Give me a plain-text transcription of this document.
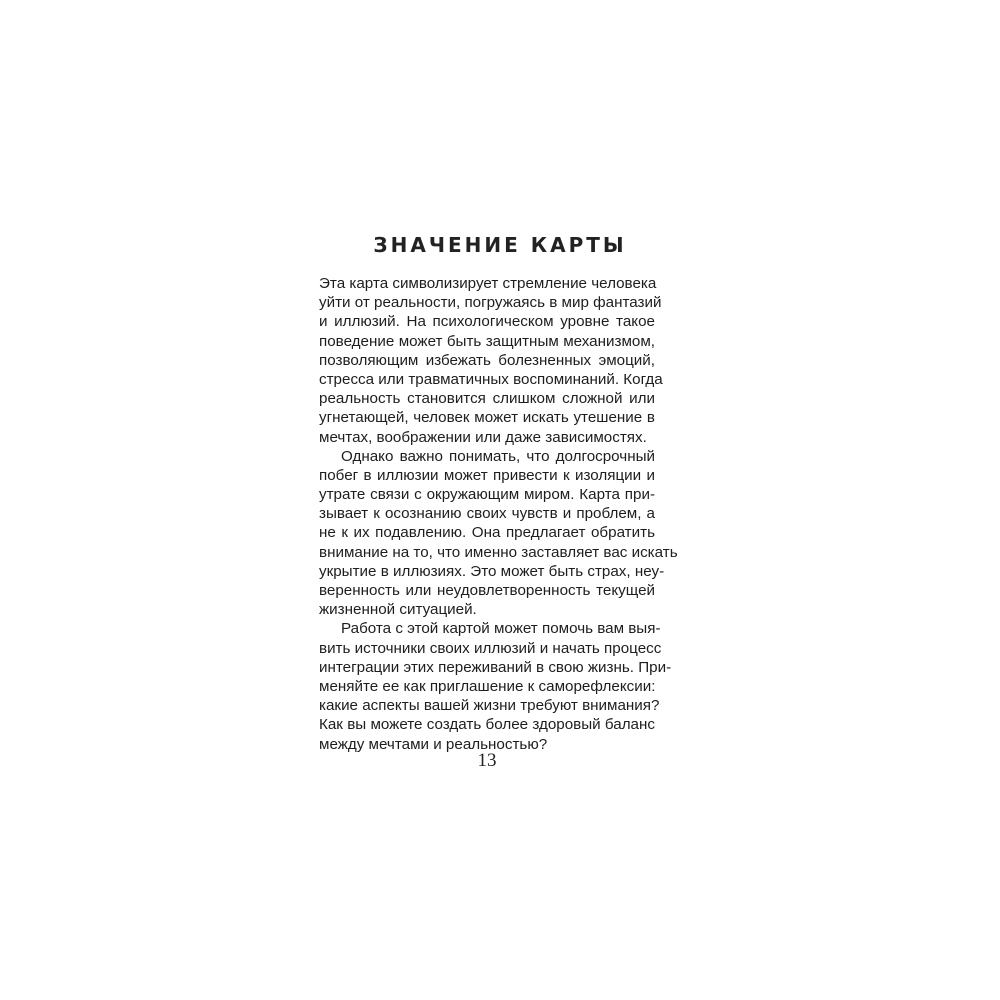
ЗНАЧЕНИЕ КАРТЫ
Эта карта символизирует стремление человека
уйти от реальности, погружаясь в мир фантазий
и иллюзий. На психологическом уровне такое
поведение может быть защитным механизмом,
позволяющим избежать болезненных эмоций,
стресса или травматичных воспоминаний. Когда
реальность становится слишком сложной или
угнетающей, человек может искать утешение в
мечтах, воображении или даже зависимостях.
Однако важно понимать, что долгосрочный
побег в иллюзии может привести к изоляции и
утрате связи с окружающим миром. Карта при-
зывает к осознанию своих чувств и проблем, а
не к их подавлению. Она предлагает обратить
внимание на то, что именно заставляет вас искать
укрытие в иллюзиях. Это может быть страх, неу-
веренность или неудовлетворенность текущей
жизненной ситуацией.
Работа с этой картой может помочь вам выя-
вить источники своих иллюзий и начать процесс
интеграции этих переживаний в свою жизнь. При-
меняйте ее как приглашение к саморефлексии:
какие аспекты вашей жизни требуют внимания?
Как вы можете создать более здоровый баланс
между мечтами и реальностью?
13
